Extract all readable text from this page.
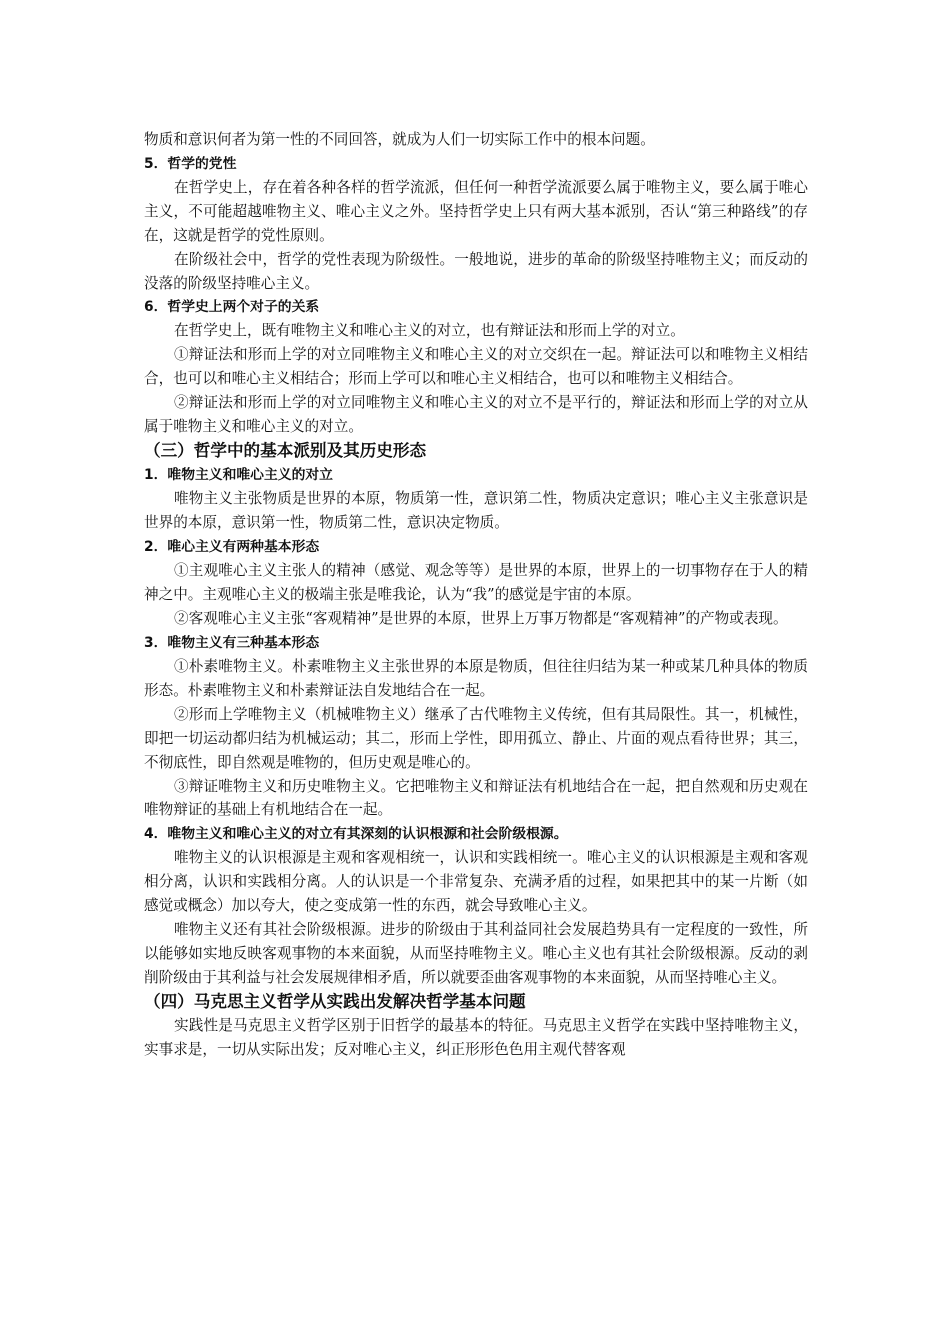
物质和意识何者为第一性的不同回答，就成为人们一切实际工作中的根本问题。

5．哲学的党性

在哲学史上，存在着各种各样的哲学流派，但任何一种哲学流派要么属于唯物主义，要么属于唯心主义，不可能超越唯物主义、唯心主义之外。坚持哲学史上只有两大基本派别，否认“第三种路线”的存在，这就是哲学的党性原则。

在阶级社会中，哲学的党性表现为阶级性。一般地说，进步的革命的阶级坚持唯物主义；而反动的没落的阶级坚持唯心主义。

6．哲学史上两个对子的关系

在哲学史上，既有唯物主义和唯心主义的对立，也有辩证法和形而上学的对立。

①辩证法和形而上学的对立同唯物主义和唯心主义的对立交织在一起。辩证法可以和唯物主义相结合，也可以和唯心主义相结合；形而上学可以和唯心主义相结合，也可以和唯物主义相结合。

②辩证法和形而上学的对立同唯物主义和唯心主义的对立不是平行的，辩证法和形而上学的对立从属于唯物主义和唯心主义的对立。

（三）哲学中的基本派别及其历史形态

1．唯物主义和唯心主义的对立

唯物主义主张物质是世界的本原，物质第一性，意识第二性，物质决定意识；唯心主义主张意识是世界的本原，意识第一性，物质第二性，意识决定物质。

2．唯心主义有两种基本形态

①主观唯心主义主张人的精神（感觉、观念等等）是世界的本原，世界上的一切事物存在于人的精神之中。主观唯心主义的极端主张是唯我论，认为“我”的感觉是宇宙的本原。

②客观唯心主义主张“客观精神”是世界的本原，世界上万事万物都是“客观精神”的产物或表现。

3．唯物主义有三种基本形态

①朴素唯物主义。朴素唯物主义主张世界的本原是物质，但往往归结为某一种或某几种具体的物质形态。朴素唯物主义和朴素辩证法自发地结合在一起。

②形而上学唯物主义（机械唯物主义）继承了古代唯物主义传统，但有其局限性。其一，机械性，即把一切运动都归结为机械运动；其二，形而上学性，即用孤立、静止、片面的观点看待世界；其三，不彻底性，即自然观是唯物的，但历史观是唯心的。

③辩证唯物主义和历史唯物主义。它把唯物主义和辩证法有机地结合在一起，把自然观和历史观在唯物辩证的基础上有机地结合在一起。

4．唯物主义和唯心主义的对立有其深刻的认识根源和社会阶级根源。

唯物主义的认识根源是主观和客观相统一，认识和实践相统一。唯心主义的认识根源是主观和客观相分离，认识和实践相分离。人的认识是一个非常复杂、充满矛盾的过程，如果把其中的某一片断（如感觉或概念）加以夸大，使之变成第一性的东西，就会导致唯心主义。

唯物主义还有其社会阶级根源。进步的阶级由于其利益同社会发展趋势具有一定程度的一致性，所以能够如实地反映客观事物的本来面貌，从而坚持唯物主义。唯心主义也有其社会阶级根源。反动的剥削阶级由于其利益与社会发展规律相矛盾，所以就要歪曲客观事物的本来面貌，从而坚持唯心主义。

（四）马克思主义哲学从实践出发解决哲学基本问题

实践性是马克思主义哲学区别于旧哲学的最基本的特征。马克思主义哲学在实践中坚持唯物主义，实事求是，一切从实际出发；反对唯心主义，纠正形形色色用主观代替客观
